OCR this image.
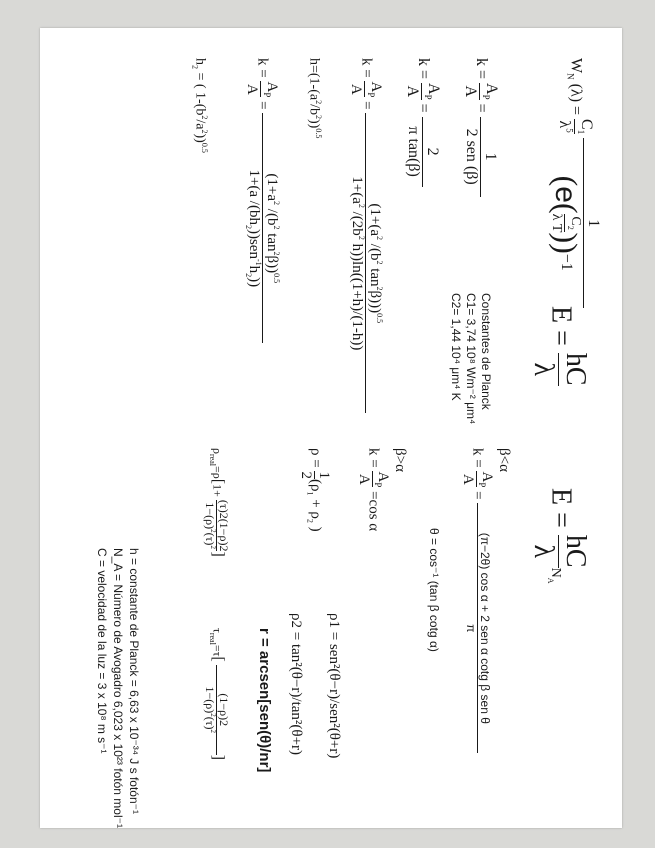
$W_N$ $(\lambda) = C_1$
$\lambda^5$ 1
($e(C_2$
λ T))−1
$k = A_P$
A = 1
2 sen (β)
$k = A_P$
A = 2
π tan(β)
$k = A_P$
$A = (1+(a^2$ $/(b^2$ $\tan^2\beta)))^{0.5}$
$1+(a^2$ $/(2b^2$ h))ln((1+h)/(1-h))
$h=(1-(a^2/b^2))^{0.5}$
$k = A_P$
$A = (1+a^2$ $/(b^2$ $\tan^2\beta))^{0.5}$
1+(a $/(bh_2))sen^{-1}h_2$))
$h_2$ = ( $1-(b^2/a^2))^{0.5}$
Constantes de Planck
C1= 3,74 10⁸ Wm⁻² μm⁴
C2= 1,44 10⁴ μm⁴ K	E = hC
λ
E = hC
$\lambda N_A$
β<α
$k = A_P$
A = (π−2θ) cos α + 2 sen α cotg β sen θ
π
θ = cos⁻¹ (tan β cotg α)
β>α
$k = A_P$
A =cos α
ρ = 1
$2(\rho_1 + \rho_2$ )
ρ1 = sen²(θ−r)/sen²(θ+r)
ρ2 = tan²(θ−r)/tan²(θ+r)
r = arcsen[sen(θ)/nr]
$\rho_{real}=\rho[1+ (\tau)2(1-\rho)2$
$1-(\rho)^2(\tau)^2$]
$\tau_{real}=\tau$[ (1−ρ)2
$1-(\rho)^2(\tau)^2$]
h = constante de Planck = 6,63 x 10⁻³⁴ J s fotón⁻¹
N_A = Número de Avogadro 6,023 x 10²³ fotón mol⁻¹
C = velocidad de la luz = 3 x 10⁸ m s⁻¹
